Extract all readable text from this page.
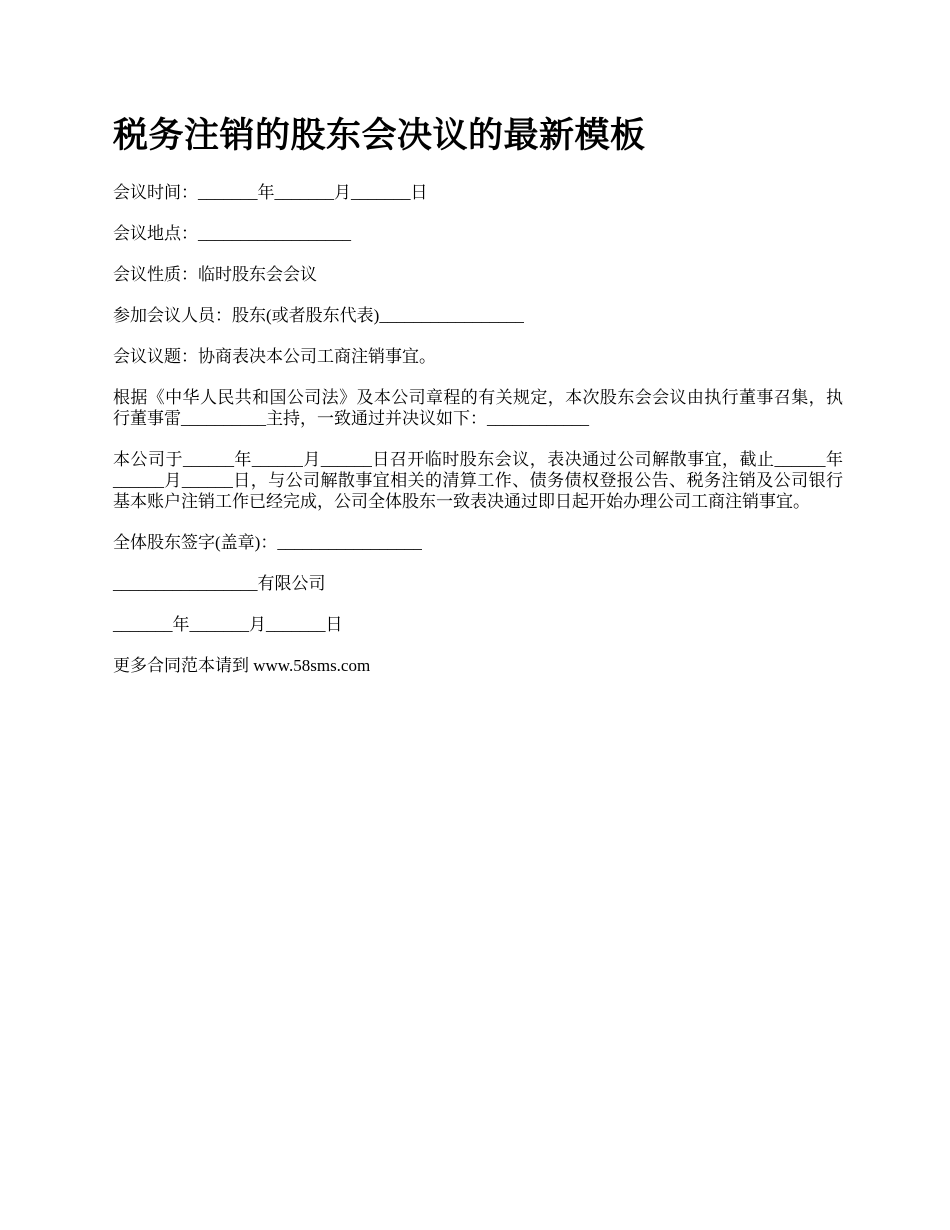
税务注销的股东会决议的最新模板

会议时间：_______年_______月_______日

会议地点：__________________

会议性质：临时股东会会议

参加会议人员：股东(或者股东代表)_________________

会议议题：协商表决本公司工商注销事宜。

根据《中华人民共和国公司法》及本公司章程的有关规定，本次股东会会议由执行董事召集，执行董事雷__________主持，一致通过并决议如下：____________

本公司于______年______月______日召开临时股东会议，表决通过公司解散事宜，截止______年______月______日，与公司解散事宜相关的清算工作、债务债权登报公告、税务注销及公司银行基本账户注销工作已经完成，公司全体股东一致表决通过即日起开始办理公司工商注销事宜。

全体股东签字(盖章)：_________________

_________________有限公司

_______年_______月_______日

更多合同范本请到 www.58sms.com
